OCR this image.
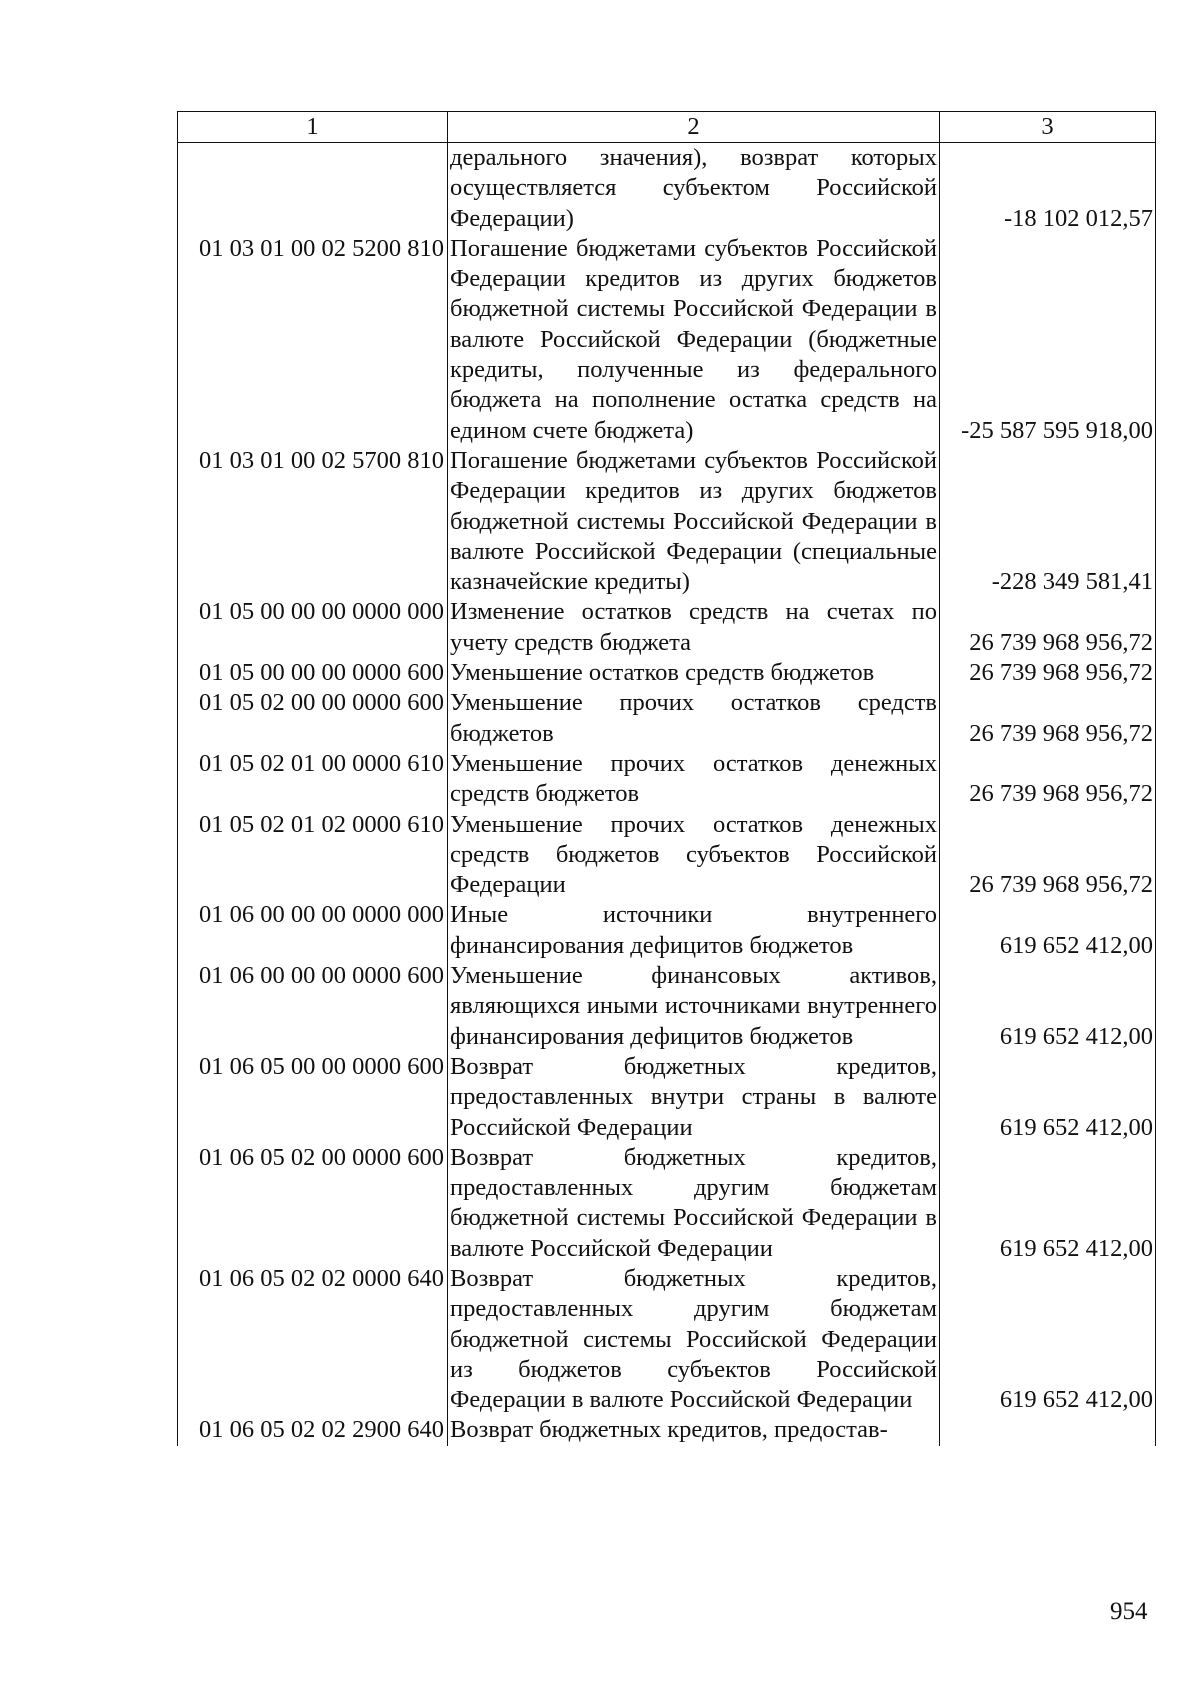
1	2	3
	дерального значения), возврат которых осуществляется субъектом Российской Федерации)	-18 102 012,57
01 03 01 00 02 5200 810	Погашение бюджетами субъектов Российской Федерации кредитов из других бюджетов бюджетной системы Российской Федерации в валюте Российской Федерации (бюджетные кредиты, полученные из федерального бюджета на пополнение остатка средств на едином счете бюджета)	-25 587 595 918,00
01 03 01 00 02 5700 810	Погашение бюджетами субъектов Российской Федерации кредитов из других бюджетов бюджетной системы Российской Федерации в валюте Российской Федерации (специальные казначейские кредиты)	-228 349 581,41
01 05 00 00 00 0000 000	Изменение остатков средств на счетах по учету средств бюджета	26 739 968 956,72
01 05 00 00 00 0000 600	Уменьшение остатков средств бюджетов	26 739 968 956,72
01 05 02 00 00 0000 600	Уменьшение прочих остатков средств бюджетов	26 739 968 956,72
01 05 02 01 00 0000 610	Уменьшение прочих остатков денежных средств бюджетов	26 739 968 956,72
01 05 02 01 02 0000 610	Уменьшение прочих остатков денежных средств бюджетов субъектов Российской Федерации	26 739 968 956,72
01 06 00 00 00 0000 000	Иные источники внутреннего финансирования дефицитов бюджетов	619 652 412,00
01 06 00 00 00 0000 600	Уменьшение финансовых активов, являющихся иными источниками внутреннего финансирования дефицитов бюджетов	619 652 412,00
01 06 05 00 00 0000 600	Возврат бюджетных кредитов, предоставленных внутри страны в валюте Российской Федерации	619 652 412,00
01 06 05 02 00 0000 600	Возврат бюджетных кредитов, предоставленных другим бюджетам бюджетной системы Российской Федерации в валюте Российской Федерации	619 652 412,00
01 06 05 02 02 0000 640	Возврат бюджетных кредитов, предоставленных другим бюджетам бюджетной системы Российской Федерации из бюджетов субъектов Российской Федерации в валюте Российской Федерации	619 652 412,00
01 06 05 02 02 2900 640	Возврат бюджетных кредитов, предостав-	
954
